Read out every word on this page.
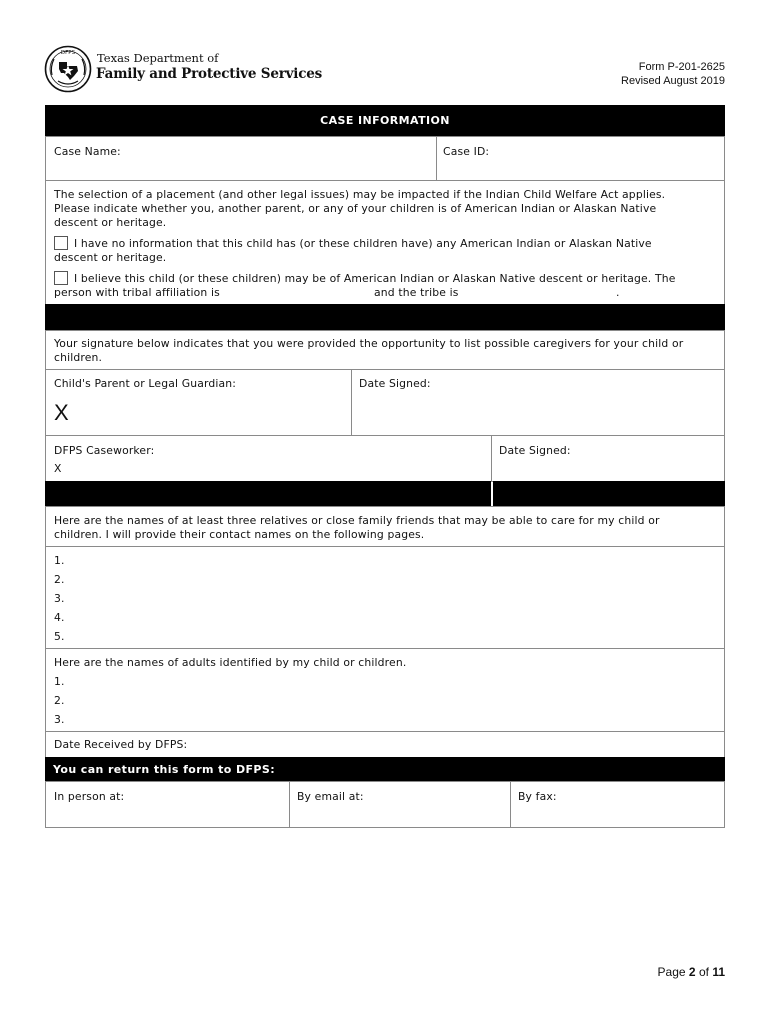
DFPS Texas Department of
Family and Protective Services	Form P-201-2625
Revised August 2019
CASE INFORMATION
Case Name:	Case ID:
The selection of a placement (and other legal issues) may be impacted if the Indian Child Welfare Act applies.
Please indicate whether you, another parent, or any of your children is of American Indian or Alaskan Native
descent or heritage.
I have no information that this child has (or these children have) any American Indian or Alaskan Native
descent or heritage.
I believe this child (or these children) may be of American Indian or Alaskan Native descent or heritage. The
person with tribal affiliation is	and the tribe is	.
Your signature below indicates that you were provided the opportunity to list possible caregivers for your child or
children.
Child's Parent or Legal Guardian:
X
Date Signed:
DFPS Caseworker:
X
Date Signed:
Here are the names of at least three relatives or close family friends that may be able to care for my child or
children. I will provide their contact names on the following pages.
1.
2.
3.
4.
5.
Here are the names of adults identified by my child or children.
1.
2.
3.
Date Received by DFPS:
You can return this form to DFPS:
In person at:	By email at:	By fax:
Page 2 of 11
